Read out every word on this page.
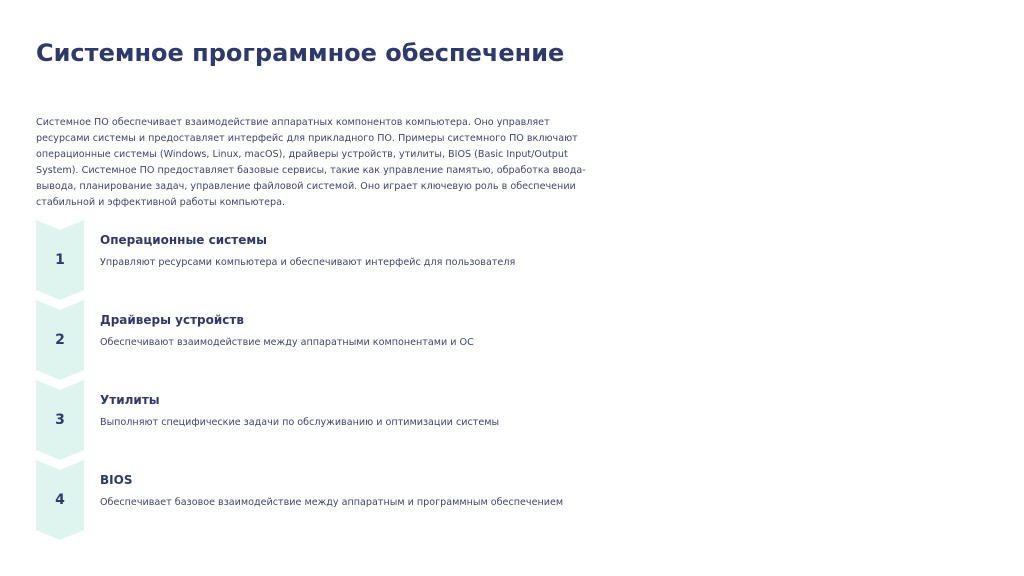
Системное программное обеспечение

Системное ПО обеспечивает взаимодействие аппаратных компонентов компьютера. Оно управляет ресурсами системы и предоставляет интерфейс для прикладного ПО. Примеры системного ПО включают операционные системы (Windows, Linux, macOS), драйверы устройств, утилиты, BIOS (Basic Input/Output System). Системное ПО предоставляет базовые сервисы, такие как управление памятью, обработка ввода-вывода, планирование задач, управление файловой системой. Оно играет ключевую роль в обеспечении стабильной и эффективной работы компьютера.

1
Операционные системы
Управляют ресурсами компьютера и обеспечивают интерфейс для пользователя
2
Драйверы устройств
Обеспечивают взаимодействие между аппаратными компонентами и ОС
3
Утилиты
Выполняют специфические задачи по обслуживанию и оптимизации системы
4
BIOS
Обеспечивает базовое взаимодействие между аппаратным и программным обеспечением
